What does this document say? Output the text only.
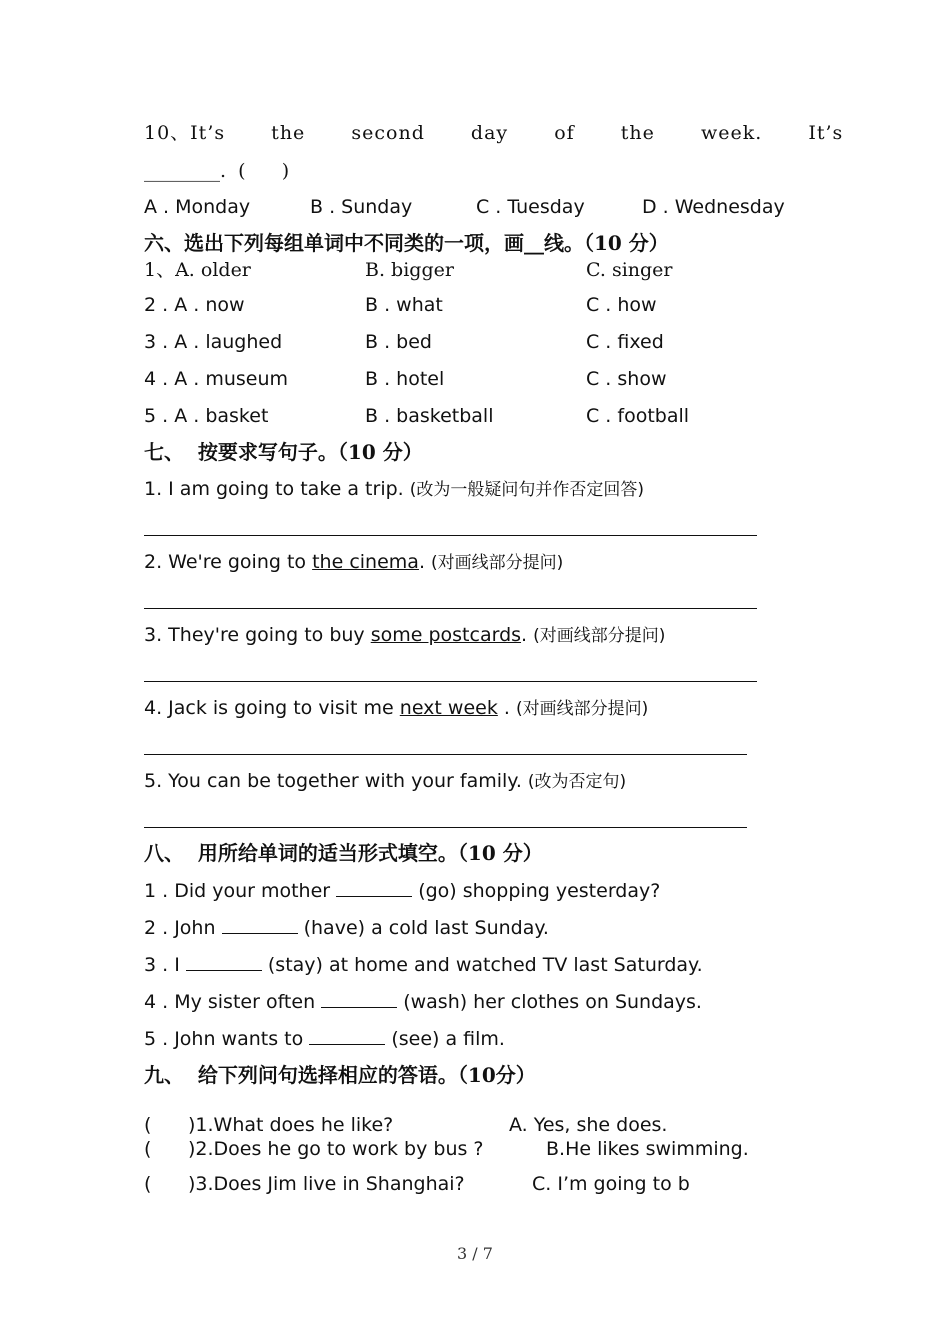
10、It’s  the  second  day  of  the  week.  It’s
________. (      )
A . Monday	B . Sunday	C . Tuesday	D . Wednesday
六、选出下列每组单词中不同类的一项，画__线。（10 分）
1、A. older	B. bigger	C. singer
2 . A . now	B . what	C . how
3 . A . laughed	B . bed	C . fixed
4 . A . museum	B . hotel	C . show
5 . A . basket	B . basketball	C . football
七、  按要求写句子。（10 分）
1. I am going to take a trip. (改为一般疑问句并作否定回答)
2. We're going to the cinema. (对画线部分提问)
3. They're going to buy some postcards. (对画线部分提问)
4. Jack is going to visit me next week . (对画线部分提问)
5. You can be together with your family. (改为否定句)
八、  用所给单词的适当形式填空。（10 分）
1 . Did your mother	(go) shopping yesterday?
2 . John	(have) a cold last Sunday.
3 . I	(stay) at home and watched TV last Saturday.
4 . My sister often	(wash) her clothes on Sundays.
5 . John wants to	(see) a film.
九、  给下列问句选择相应的答语。（10分）
( )1.What does he like?	A. Yes, she does.
( )2.Does he go to work by bus ?	B.He likes swimming.
( )3.Does Jim live in Shanghai?	C. I’m going to b
3 / 7
